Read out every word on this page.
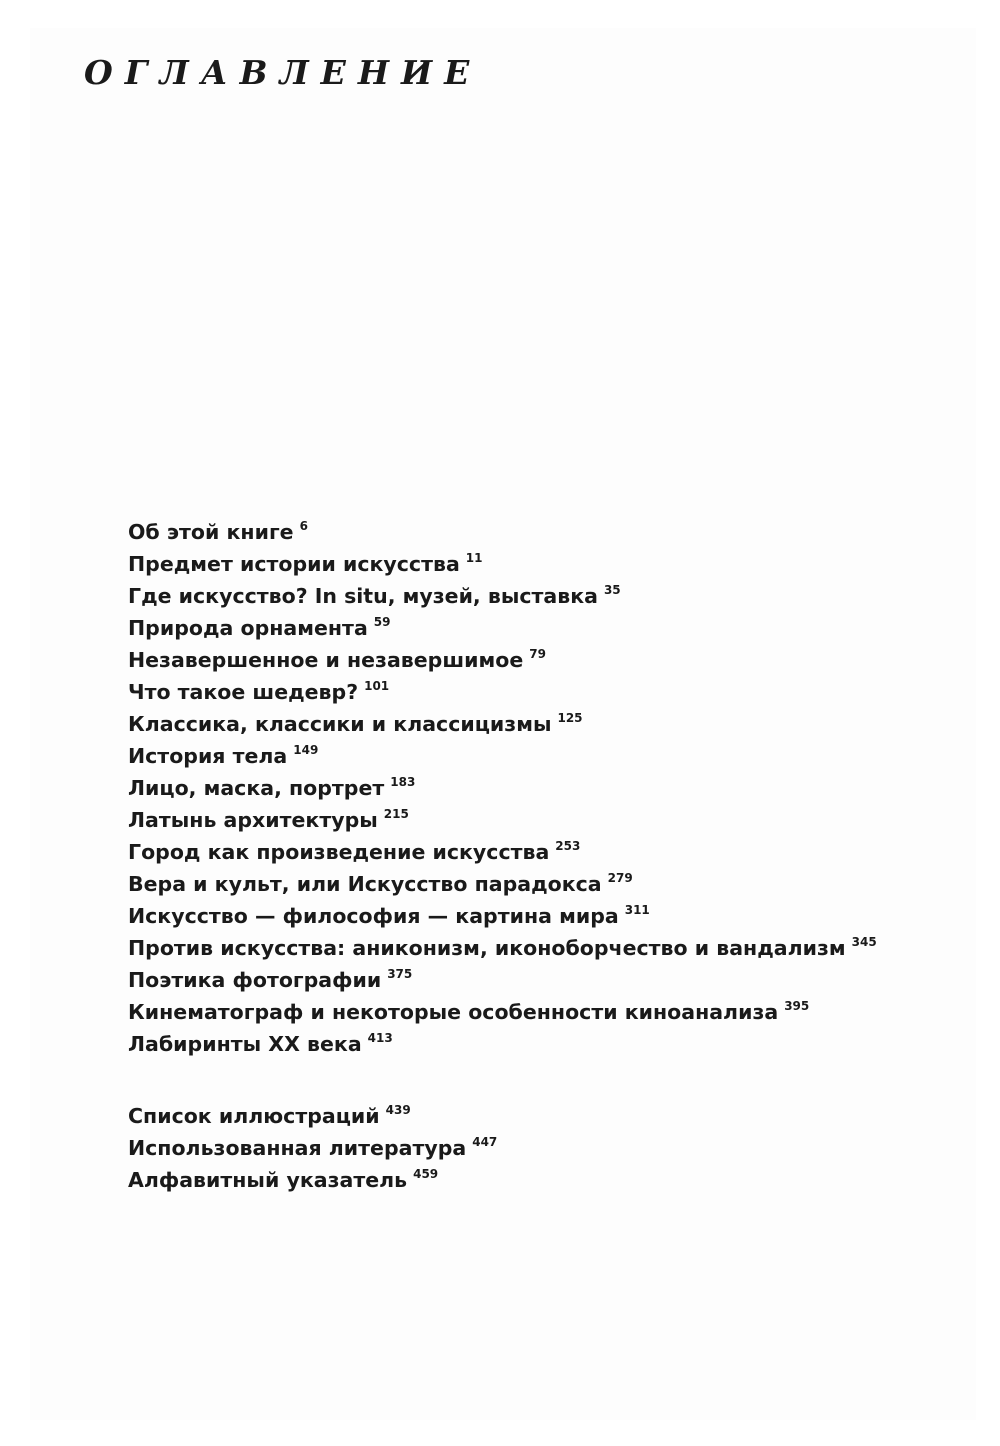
ОГЛАВЛЕНИЕ
Об этой книге $^6$
Предмет истории искусства $^{11}$
Где искусство? In situ, музей, выставка $^{35}$
Природа орнамента $^{59}$
Незавершенное и незавершимое $^{79}$
Что такое шедевр? $^{101}$
Классика, классики и классицизмы $^{125}$
История тела $^{149}$
Лицо, маска, портрет $^{183}$
Латынь архитектуры $^{215}$
Город как произведение искусства $^{253}$
Вера и культ, или Искусство парадокса $^{279}$
Искусство — философия — картина мира $^{311}$
Против искусства: аниконизм, иконоборчество и вандализм $^{345}$
Поэтика фотографии $^{375}$
Кинематограф и некоторые особенности киноанализа $^{395}$
Лабиринты XX века $^{413}$
Список иллюстраций $^{439}$
Использованная литература $^{447}$
Алфавитный указатель $^{459}$
